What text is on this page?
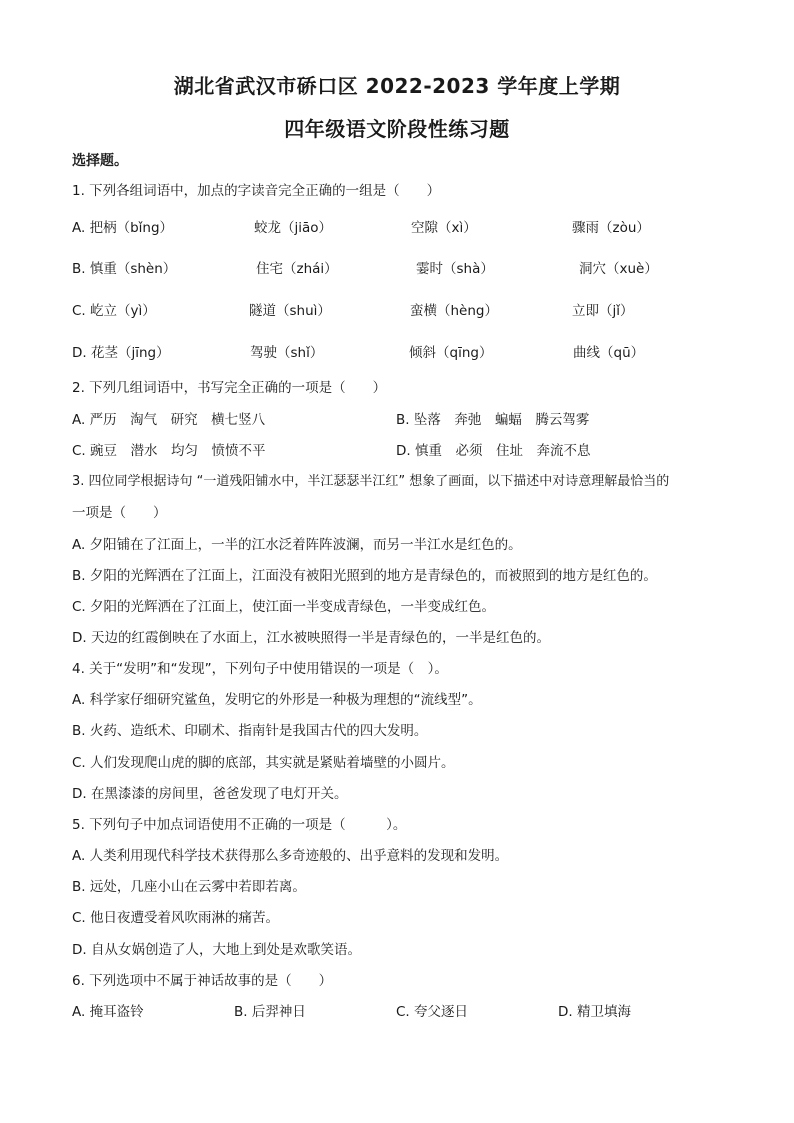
湖北省武汉市硚口区 2022-2023 学年度上学期
四年级语文阶段性练习题
选择题。
1. 下列各组词语中，加点的字读音完全正确的一组是（　　）
A. 把柄（bǐng）	蛟龙（jiāo）	空隙（xì）	骤雨（zòu）
B. 慎重（shèn）	住宅（zhái）	霎时（shà）	洞穴（xuè）
C. 屹立（yì）	隧道（shuì）	蛮横（hèng）	立即（jǐ）
D. 花茎（jīng）	驾驶（shǐ）	倾斜（qīng）	曲线（qū）
2. 下列几组词语中，书写完全正确的一项是（　　）
A. 严历　淘气　研究　横七竖八	B. 坠落　奔弛　蝙蝠　腾云驾雾
C. 豌豆　潜水　均匀　愤愤不平	D. 慎重　必须　住址　奔流不息
3. 四位同学根据诗句 “一道残阳铺水中，半江瑟瑟半江红” 想象了画面，以下描述中对诗意理解最恰当的
一项是（　　）
A. 夕阳铺在了江面上，一半的江水泛着阵阵波澜，而另一半江水是红色的。
B. 夕阳的光辉洒在了江面上，江面没有被阳光照到的地方是青绿色的，而被照到的地方是红色的。
C. 夕阳的光辉洒在了江面上，使江面一半变成青绿色，一半变成红色。
D. 天边的红霞倒映在了水面上，江水被映照得一半是青绿色的，一半是红色的。
4. 关于“发明”和“发现”，下列句子中使用错误的一项是（　）。
A. 科学家仔细研究鲨鱼，发明它的外形是一种极为理想的“流线型”。
B. 火药、造纸术、印刷术、指南针是我国古代的四大发明。
C. 人们发现爬山虎的脚的底部，其实就是紧贴着墙壁的小圆片。
D. 在黑漆漆的房间里，爸爸发现了电灯开关。
5. 下列句子中加点词语使用不正确的一项是（　　　）。
A. 人类利用现代科学技术获得那么多奇迹般的、出乎意料的发现和发明。
B. 远处，几座小山在云雾中若即若离。
C. 他日夜遭受着风吹雨淋的痛苦。
D. 自从女娲创造了人，大地上到处是欢歌笑语。
6. 下列选项中不属于神话故事的是（　　）
A. 掩耳盗铃	B. 后羿神日	C. 夸父逐日	D. 精卫填海
